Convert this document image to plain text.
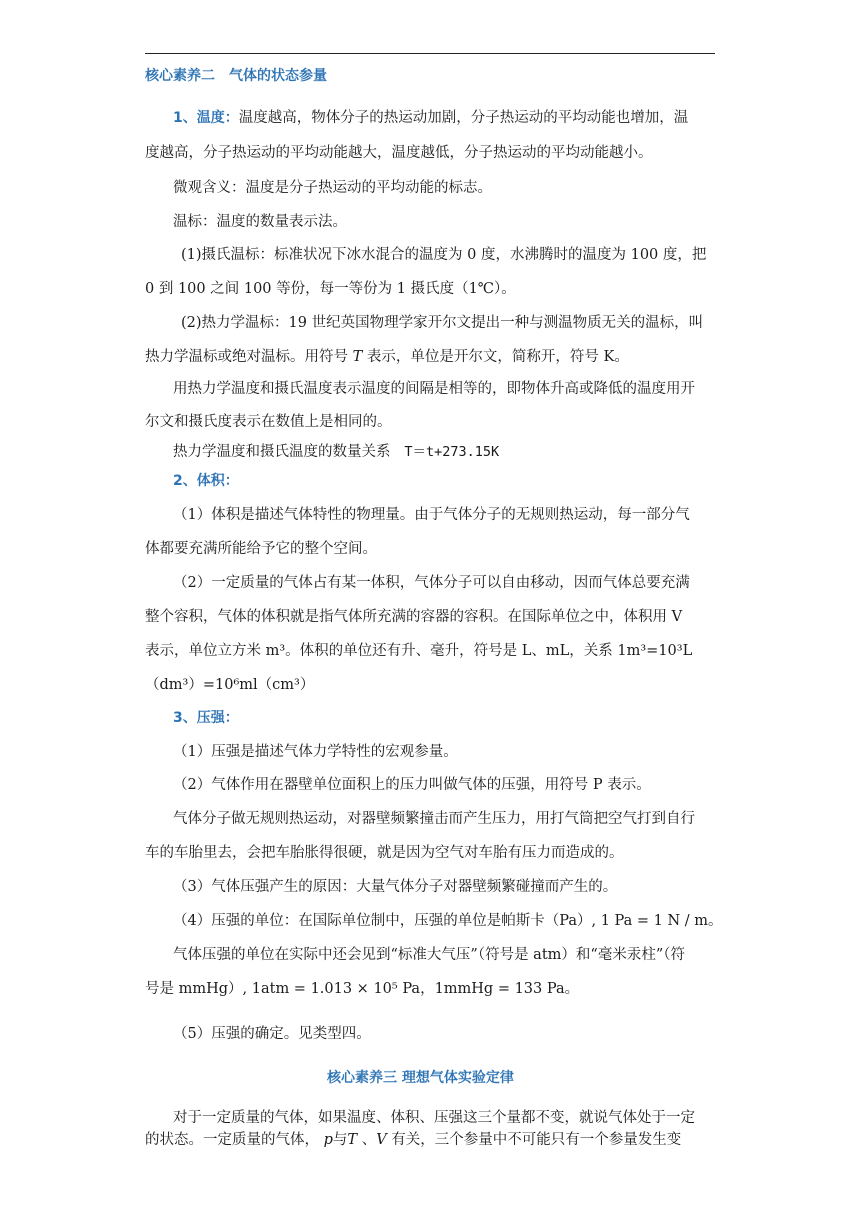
核心素养二　气体的状态参量
1、温度：温度越高，物体分子的热运动加剧，分子热运动的平均动能也增加，温
度越高，分子热运动的平均动能越大，温度越低，分子热运动的平均动能越小。
微观含义：温度是分子热运动的平均动能的标志。
温标：温度的数量表示法。
(1)摄氏温标：标准状况下冰水混合的温度为 0 度，水沸腾时的温度为 100 度，把
0 到 100 之间 100 等份，每一等份为 1 摄氏度（1℃）。
(2)热力学温标：19 世纪英国物理学家开尔文提出一种与测温物质无关的温标，叫
热力学温标或绝对温标。用符号 T 表示，单位是开尔文，简称开，符号 K。
用热力学温度和摄氏温度表示温度的间隔是相等的，即物体升高或降低的温度用开
尔文和摄氏度表示在数值上是相同的。
热力学温度和摄氏温度的数量关系 T＝t+273.15K
2、体积：
（1）体积是描述气体特性的物理量。由于气体分子的无规则热运动，每一部分气
体都要充满所能给予它的整个空间。
（2）一定质量的气体占有某一体积，气体分子可以自由移动，因而气体总要充满
整个容积，气体的体积就是指气体所充满的容器的容积。在国际单位之中，体积用 V
表示，单位立方米 m³。体积的单位还有升、毫升，符号是 L、mL，关系 1m³=10³L
（dm³）=10⁶ml（cm³）
3、压强：
（1）压强是描述气体力学特性的宏观参量。
（2）气体作用在器壁单位面积上的压力叫做气体的压强，用符号 P 表示。
气体分子做无规则热运动，对器壁频繁撞击而产生压力，用打气筒把空气打到自行
车的车胎里去，会把车胎胀得很硬，就是因为空气对车胎有压力而造成的。
（3）气体压强产生的原因：大量气体分子对器壁频繁碰撞而产生的。
（4）压强的单位：在国际单位制中，压强的单位是帕斯卡（Pa）, 1 Pa = 1 N / m。
气体压强的单位在实际中还会见到“标准大气压”（符号是 atm）和“毫米汞柱”（符
号是 mmHg）, 1atm = 1.013 × 10⁵ Pa，1mmHg = 133 Pa。
（5）压强的确定。见类型四。
核心素养三 理想气体实验定律
对于一定质量的气体，如果温度、体积、压强这三个量都不变，就说气体处于一定
的状态。一定质量的气体， p与T 、V 有关，三个参量中不可能只有一个参量发生变
